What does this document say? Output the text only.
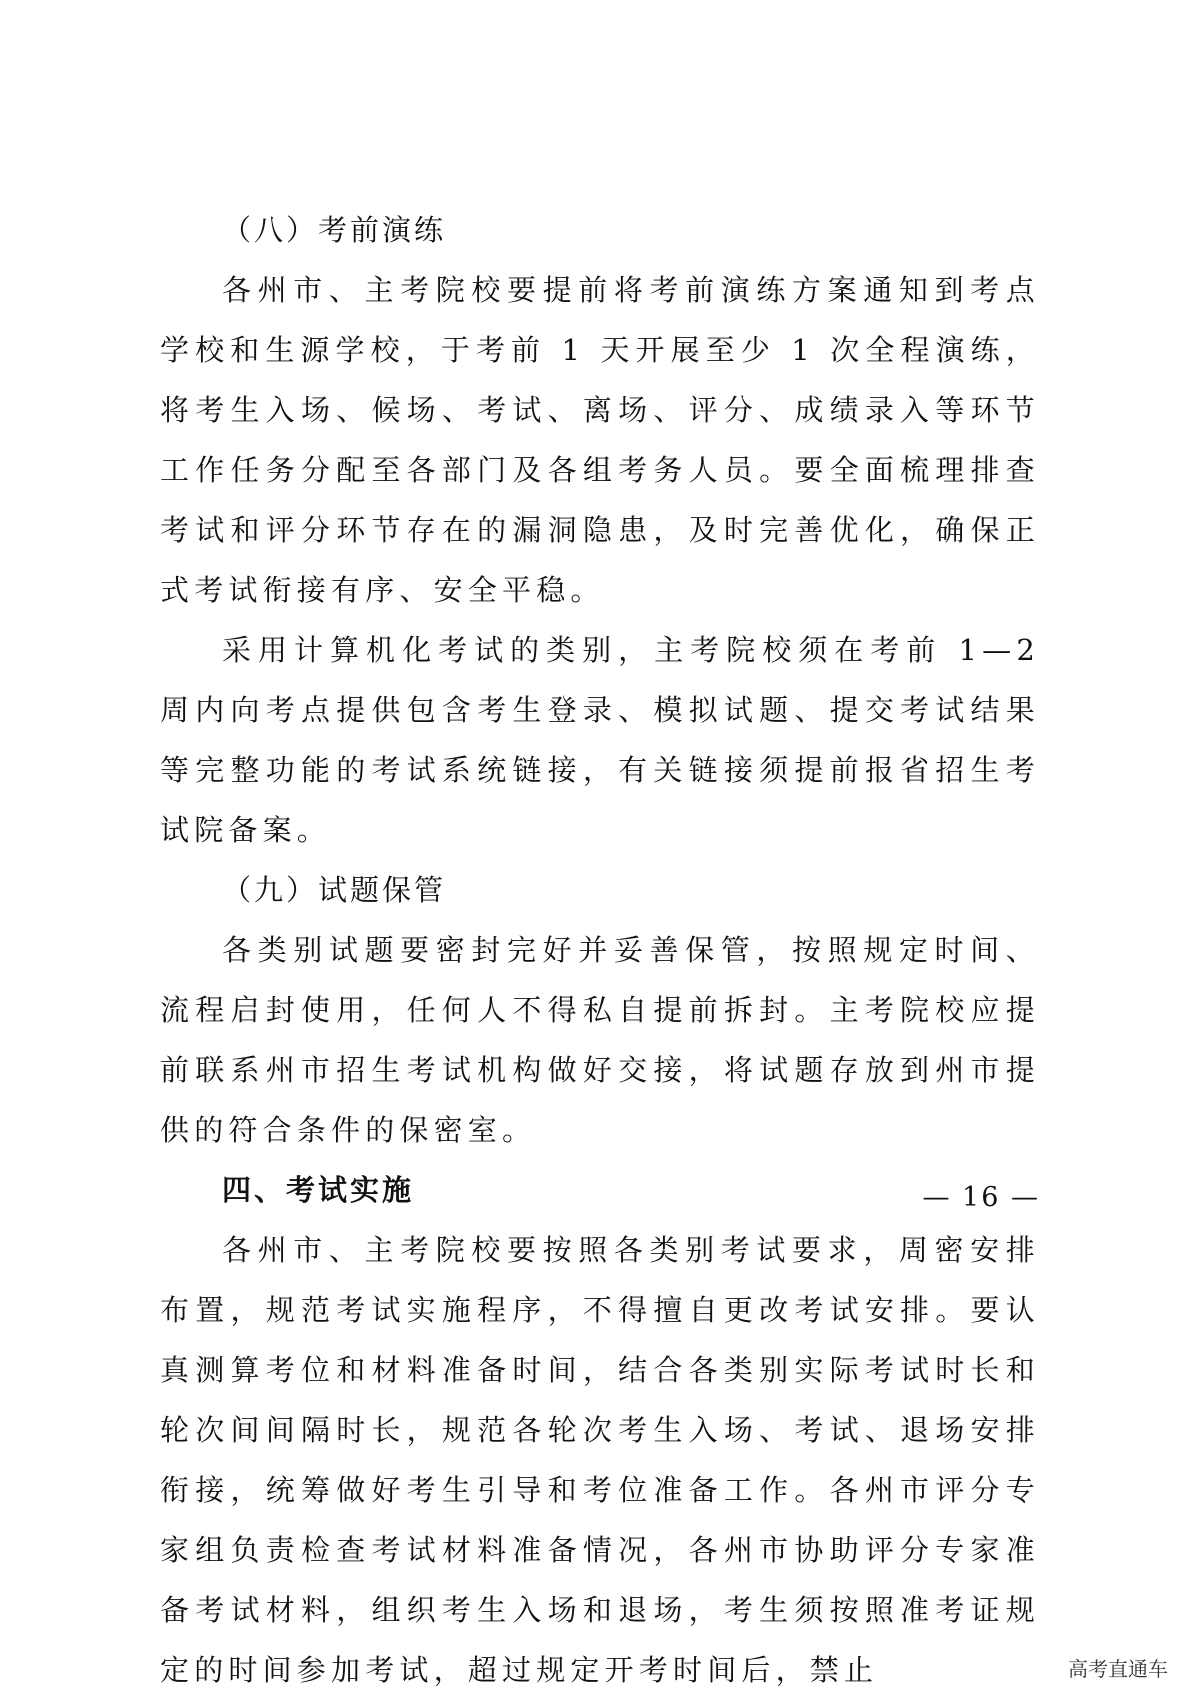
（八）考前演练

各州市、主考院校要提前将考前演练方案通知到考点学校和生源学校，于考前 1 天开展至少 1 次全程演练，将考生入场、候场、考试、离场、评分、成绩录入等环节工作任务分配至各部门及各组考务人员。要全面梳理排查考试和评分环节存在的漏洞隐患，及时完善优化，确保正式考试衔接有序、安全平稳。

采用计算机化考试的类别，主考院校须在考前 1—2 周内向考点提供包含考生登录、模拟试题、提交考试结果等完整功能的考试系统链接，有关链接须提前报省招生考试院备案。

（九）试题保管

各类别试题要密封完好并妥善保管，按照规定时间、流程启封使用，任何人不得私自提前拆封。主考院校应提前联系州市招生考试机构做好交接，将试题存放到州市提供的符合条件的保密室。

四、考试实施

各州市、主考院校要按照各类别考试要求，周密安排布置，规范考试实施程序，不得擅自更改考试安排。要认真测算考位和材料准备时间，结合各类别实际考试时长和轮次间间隔时长，规范各轮次考生入场、考试、退场安排衔接，统筹做好考生引导和考位准备工作。各州市评分专家组负责检查考试材料准备情况，各州市协助评分专家准备考试材料，组织考生入场和退场，考生须按照准考证规定的时间参加考试，超过规定开考时间后，禁止

— 16 —
高考直通车
